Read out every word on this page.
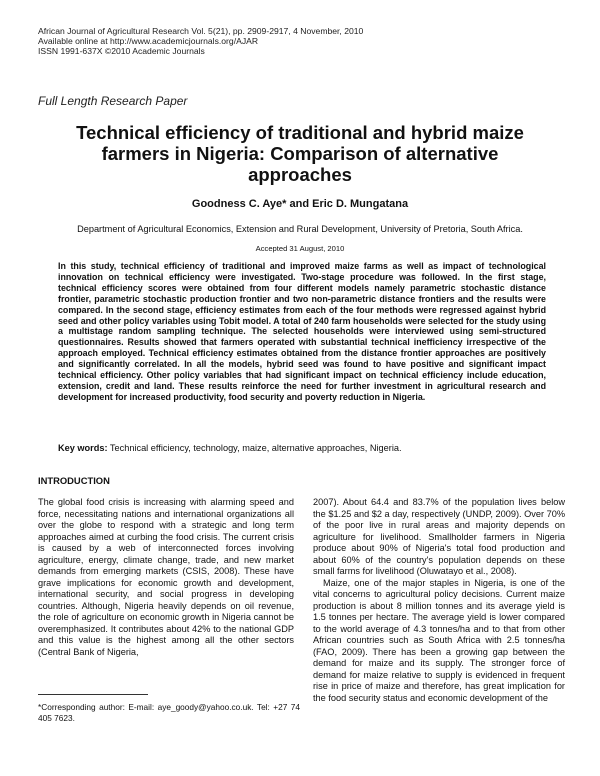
African Journal of Agricultural Research Vol. 5(21), pp. 2909-2917, 4 November, 2010
Available online at http://www.academicjournals.org/AJAR
ISSN 1991-637X ©2010 Academic Journals
Full Length Research Paper
Technical efficiency of traditional and hybrid maize
farmers in Nigeria: Comparison of alternative
approaches
Goodness C. Aye* and Eric D. Mungatana
Department of Agricultural Economics, Extension and Rural Development, University of Pretoria, South Africa.
Accepted 31 August, 2010
In this study, technical efficiency of traditional and improved maize farms as well as impact of technological innovation on technical efficiency were investigated. Two-stage procedure was followed. In the first stage, technical efficiency scores were obtained from four different models namely parametric stochastic distance frontier, parametric stochastic production frontier and two non-parametric distance frontiers and the results were compared. In the second stage, efficiency estimates from each of the four methods were regressed against hybrid seed and other policy variables using Tobit model. A total of 240 farm households were selected for the study using a multistage random sampling technique. The selected households were interviewed using semi-structured questionnaires. Results showed that farmers operated with substantial technical inefficiency irrespective of the approach employed. Technical efficiency estimates obtained from the distance frontier approaches are positively and significantly correlated. In all the models, hybrid seed was found to have positive and significant impact technical efficiency. Other policy variables that had significant impact on technical efficiency include education, extension, credit and land. These results reinforce the need for further investment in agricultural research and development for increased productivity, food security and poverty reduction in Nigeria.
Key words: Technical efficiency, technology, maize, alternative approaches, Nigeria.
INTRODUCTION

The global food crisis is increasing with alarming speed and force, necessitating nations and international organizations all over the globe to respond with a strategic and long term approaches aimed at curbing the food crisis. The current crisis is caused by a web of interconnected forces involving agriculture, energy, climate change, trade, and new market demands from emerging markets (CSIS, 2008). These have grave implications for economic growth and development, international security, and social progress in developing countries. Although, Nigeria heavily depends on oil revenue, the role of agriculture on economic growth in Nigeria cannot be overemphasized. It contributes about 42% to the national GDP and this value is the highest among all the other sectors (Central Bank of Nigeria,

2007). About 64.4 and 83.7% of the population lives below the $1.25 and $2 a day, respectively (UNDP, 2009). Over 70% of the poor live in rural areas and majority depends on agriculture for livelihood. Smallholder farmers in Nigeria produce about 90% of Nigeria's total food production and about 60% of the country's population depends on these small farms for livelihood (Oluwatayo et al., 2008).

Maize, one of the major staples in Nigeria, is one of the vital concerns to agricultural policy decisions. Current maize production is about 8 million tonnes and its average yield is 1.5 tonnes per hectare. The average yield is lower compared to the world average of 4.3 tonnes/ha and to that from other African countries such as South Africa with 2.5 tonnes/ha (FAO, 2009). There has been a growing gap between the demand for maize and its supply. The stronger force of demand for maize relative to supply is evidenced in frequent rise in price of maize and therefore, has great implication for the food security status and economic development of the

*Corresponding author: E-mail: aye_goody@yahoo.co.uk. Tel: +27 74 405 7623.
